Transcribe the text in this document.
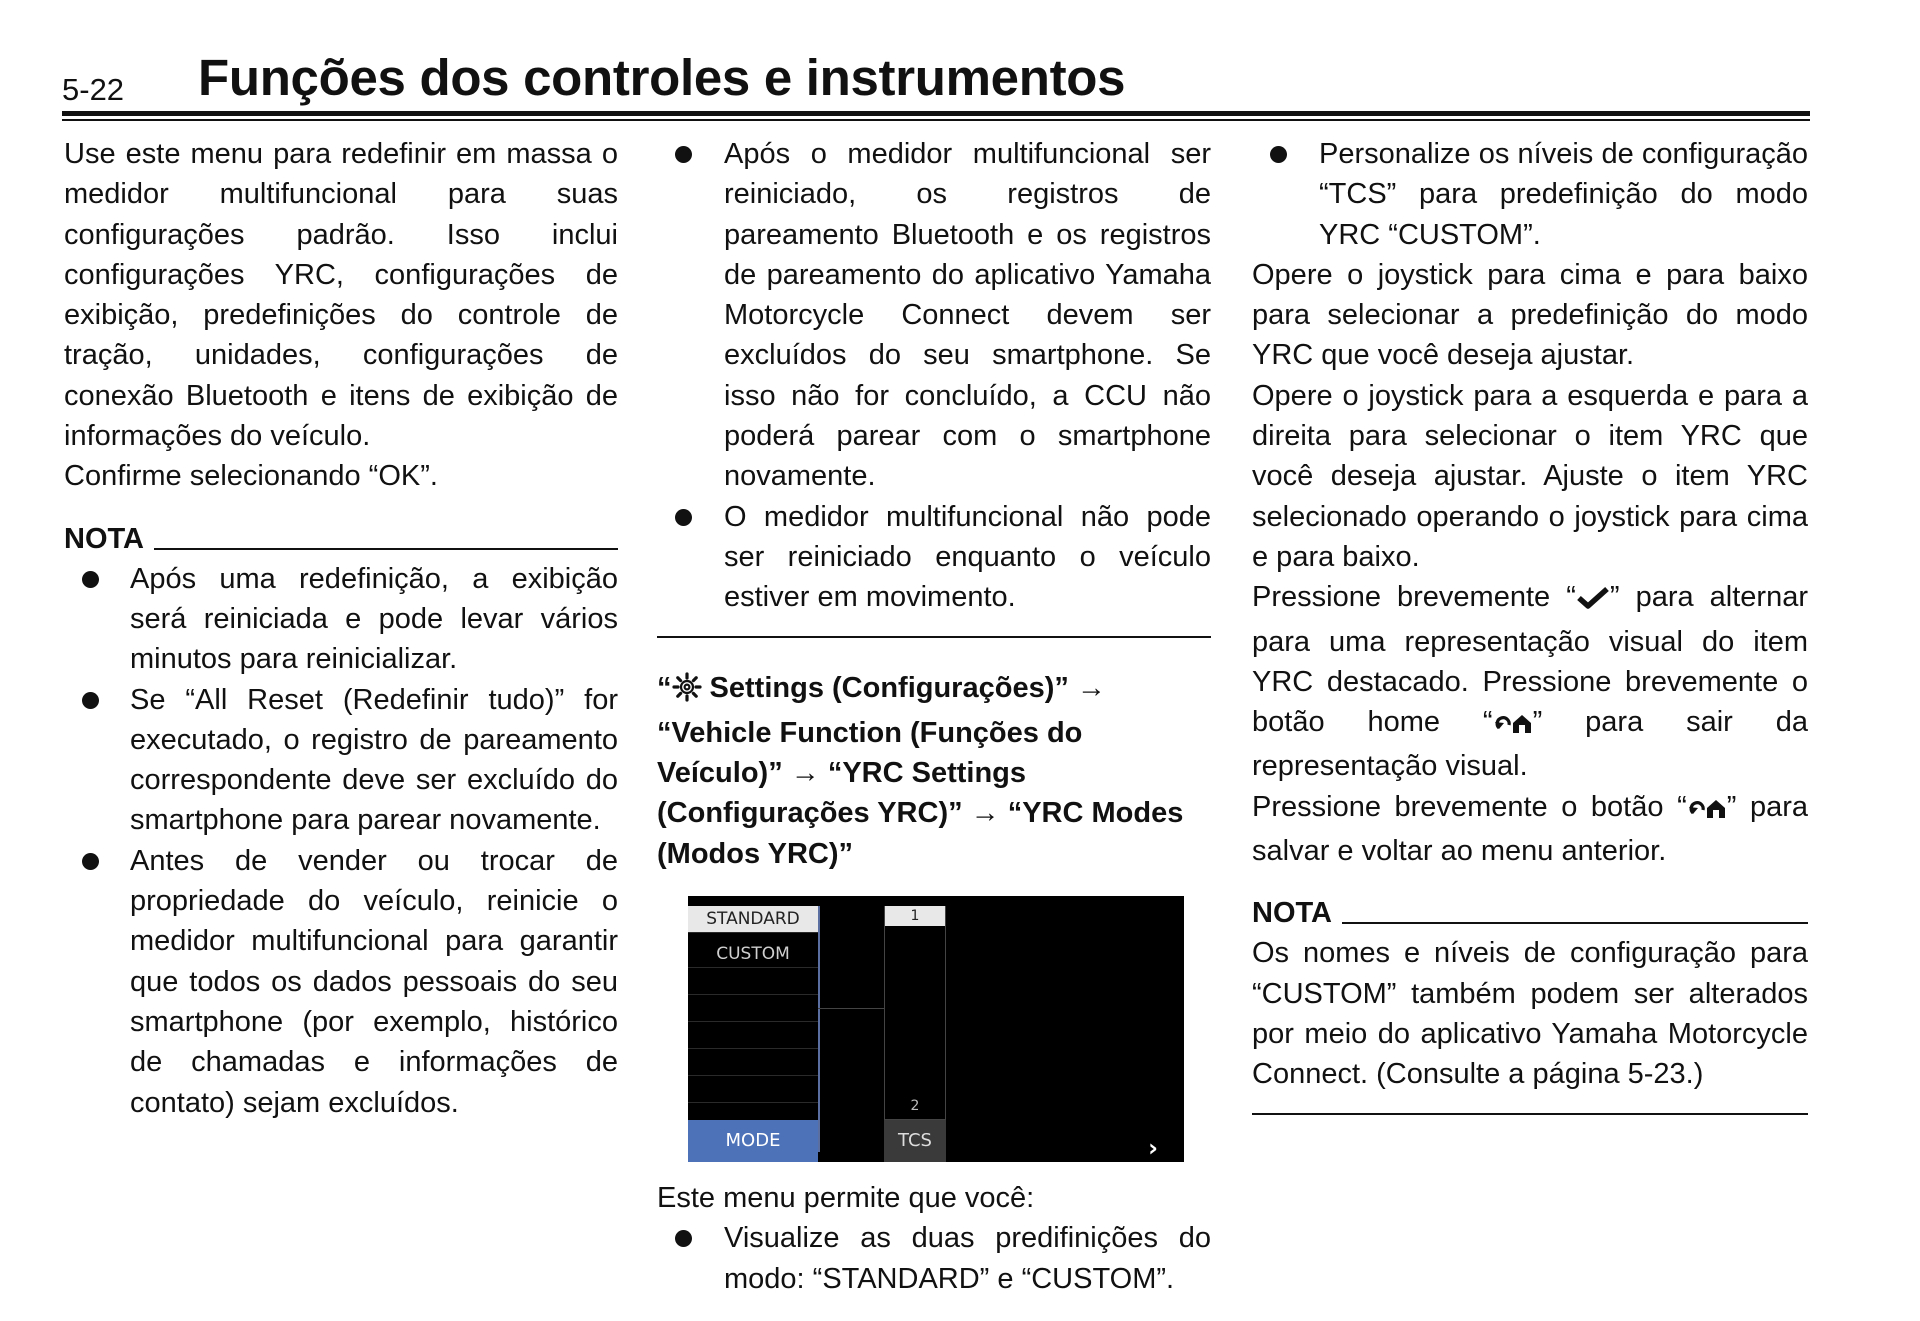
5-22 Funções dos controles e instrumentos

Use este menu para redefinir em massa o medidor multifuncional para suas configurações padrão. Isso inclui configurações YRC, configurações de exibição, predefinições do controle de tração, unidades, configurações de conexão Bluetooth e itens de exibição de informações do veículo.

Confirme selecionando “OK”.

NOTA
Após uma redefinição, a exibição será reiniciada e pode levar vários minutos para reinicializar.
Se “All Reset (Redefinir tudo)” for executado, o registro de pareamento correspondente deve ser excluído do smartphone para parear novamente.
Antes de vender ou trocar de propriedade do veículo, reinicie o medidor multifuncional para garantir que todos os dados pessoais do seu smartphone (por exemplo, histórico de chamadas e informações de contato) sejam excluídos.
Após o medidor multifuncional ser reiniciado, os registros de pareamento Bluetooth e os registros de pareamento do aplicativo Yamaha Motorcycle Connect devem ser excluídos do seu smartphone. Se isso não for concluído, a CCU não poderá parear com o smartphone novamente.
O medidor multifuncional não pode ser reiniciado enquanto o veículo estiver em movimento.

“ Settings (Configurações)” → “Vehicle Function (Funções do Veículo)” → “YRC Settings (Configurações YRC)” → “YRC Modes (Modos YRC)”

STANDARD
CUSTOM
MODE
1
2
TCS	›

Este menu permite que você:

Visualize as duas predifinições do modo: “STANDARD” e “CUSTOM”.
Personalize os níveis de configuração “TCS” para predefinição do modo YRC “CUSTOM”.

Opere o joystick para cima e para baixo para selecionar a predefinição do modo YRC que você deseja ajustar.

Opere o joystick para a esquerda e para a direita para selecionar o item YRC que você deseja ajustar. Ajuste o item YRC selecionado operando o joystick para cima e para baixo.

Pressione brevemente “ ” para alternar para uma representação visual do item YRC destacado. Pressione brevemente o botão home “ ” para sair da representação visual.

Pressione brevemente o botão “ ” para salvar e voltar ao menu anterior.

NOTA

Os nomes e níveis de configuração para “CUSTOM” também podem ser alterados por meio do aplicativo Yamaha Motorcycle Connect. (Consulte a página 5-23.)
